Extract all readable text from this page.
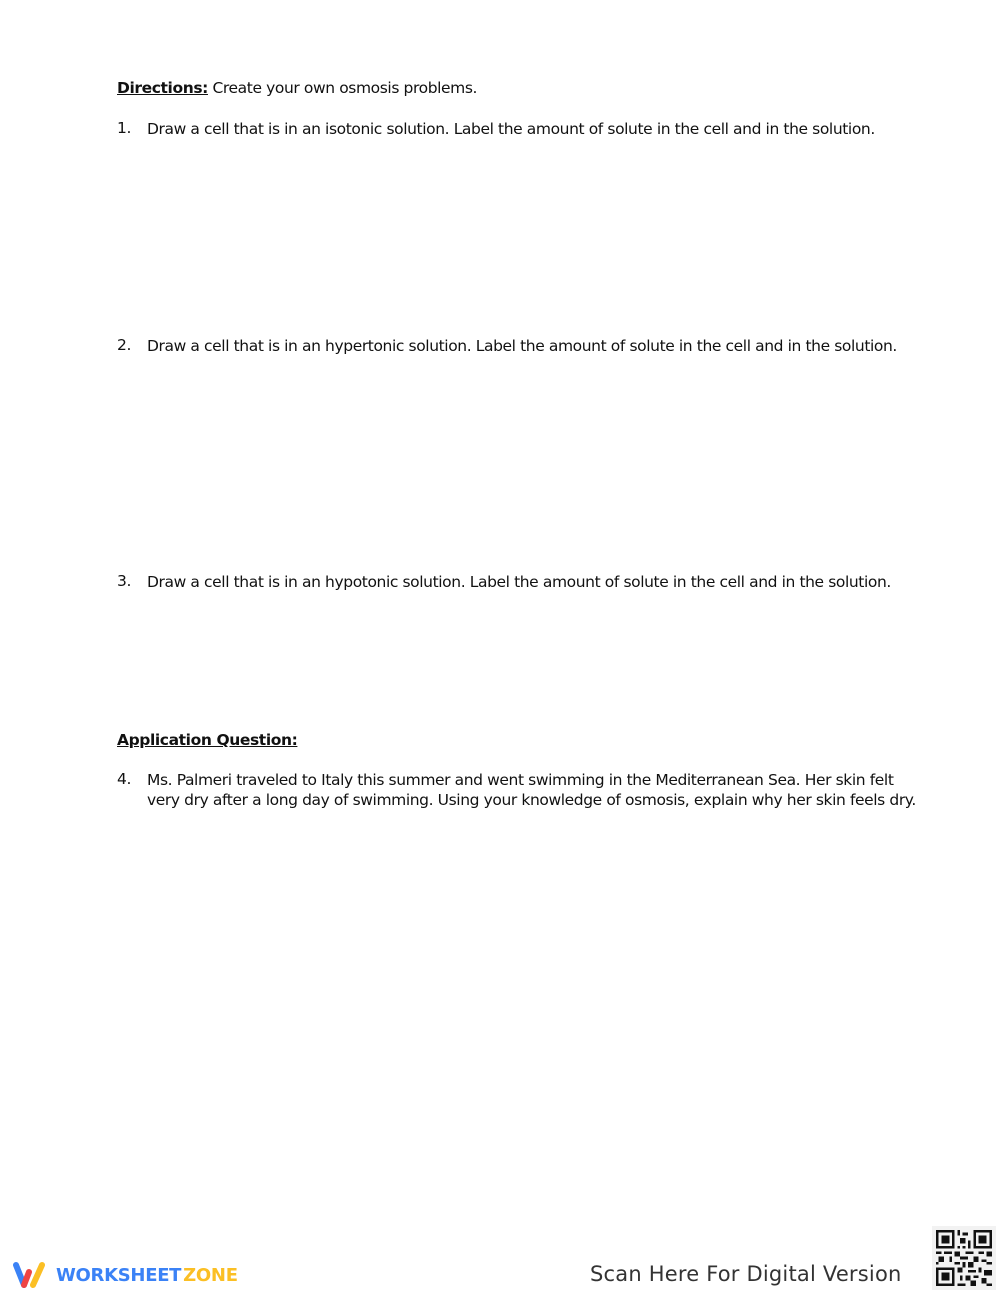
Directions: Create your own osmosis problems.
1. Draw a cell that is in an isotonic solution. Label the amount of solute in the cell and in the solution.
2. Draw a cell that is in an hypertonic solution. Label the amount of solute in the cell and in the solution.
3. Draw a cell that is in an hypotonic solution. Label the amount of solute in the cell and in the solution.
Application Question:
4. Ms. Palmeri traveled to Italy this summer and went swimming in the Mediterranean Sea. Her skin felt very dry after a long day of swimming. Using your knowledge of osmosis, explain why her skin feels dry.
WORKSHEET ZONE	Scan Here For Digital Version
